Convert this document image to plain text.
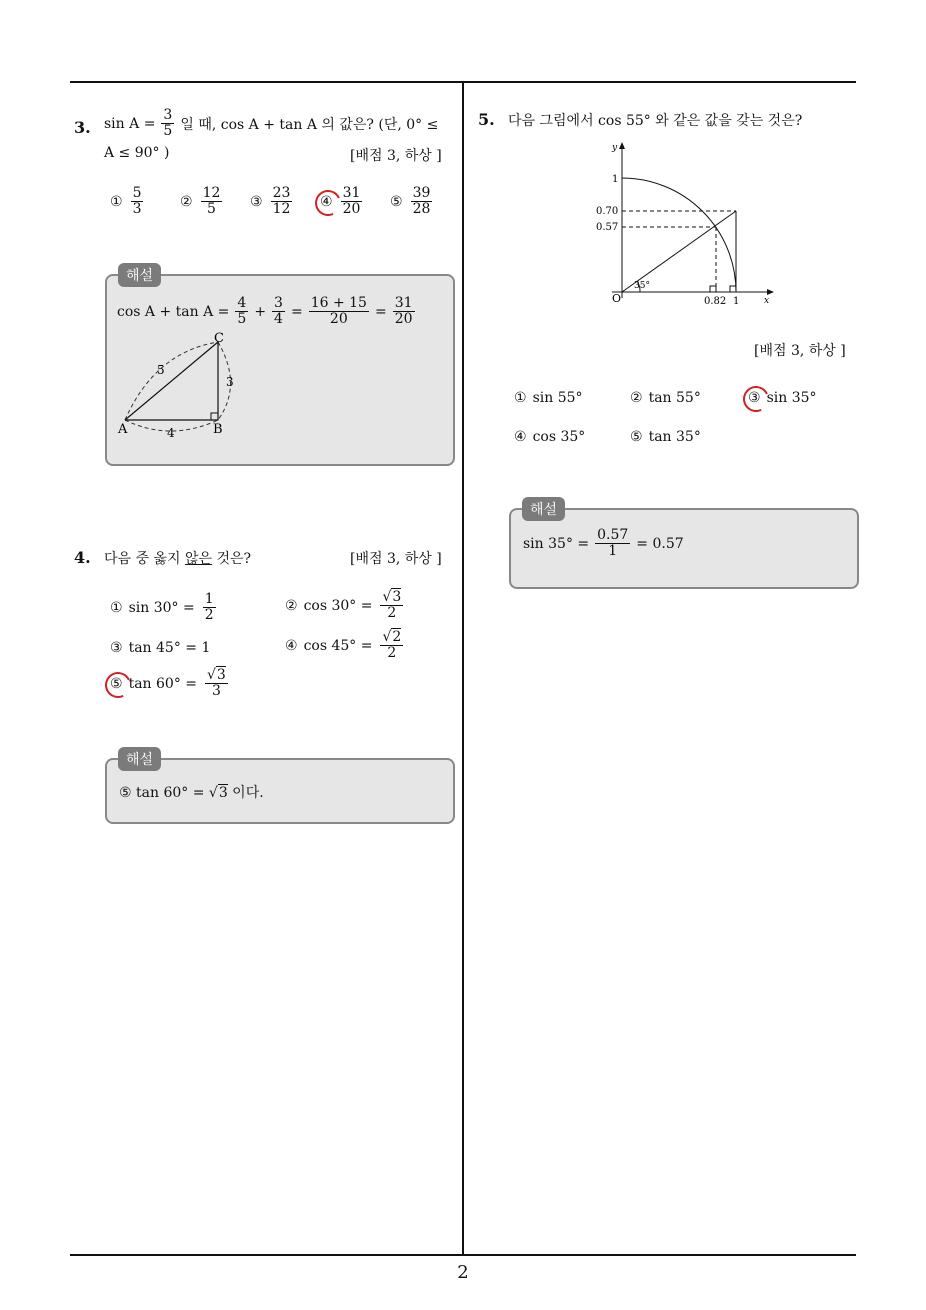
2
3. $\sin A = \frac{3}{5}$ 일 때, cos A + tan A 의 값은? (단, 0° ≤
A ≤ 90° )	[배점 3, 하상 ]
① $\frac{5}{3}$	② $\frac{12}{5}$ ③ $\frac{23}{12}$ ④ $\frac{31}{20}$ ⑤ $\frac{39}{28}$
$\cos A + \tan A = \frac{4}{5} + \frac{3}{4} = \frac{16 + 15}{20} = \frac{31}{20}$
C
A	B
5
3
4
해설
4. 다음 중 옳지 않은 것은?	[배점 3, 하상 ]
① $\sin 30^\circ = \frac{1}{2}$	② $\cos 30^\circ = \frac{√3}{2}$
③ tan 45° = 1	④ $\cos 45^\circ = \frac{√2}{2}$
⑤ $\tan 60^\circ = \frac{√3}{3}$
⑤ tan 60° = √3 이다.
해설
5. 다음 그림에서 cos 55° 와 같은 값을 갖는 것은?
y
x
1
0.70
0.57
O
35°
0.82 1
[배점 3, 하상 ]
① sin 55°	② tan 55°	③ sin 35°
④ cos 35°	⑤ tan 35°
$\sin 35^\circ = \frac{0.57}{1} = 0.57$
해설
